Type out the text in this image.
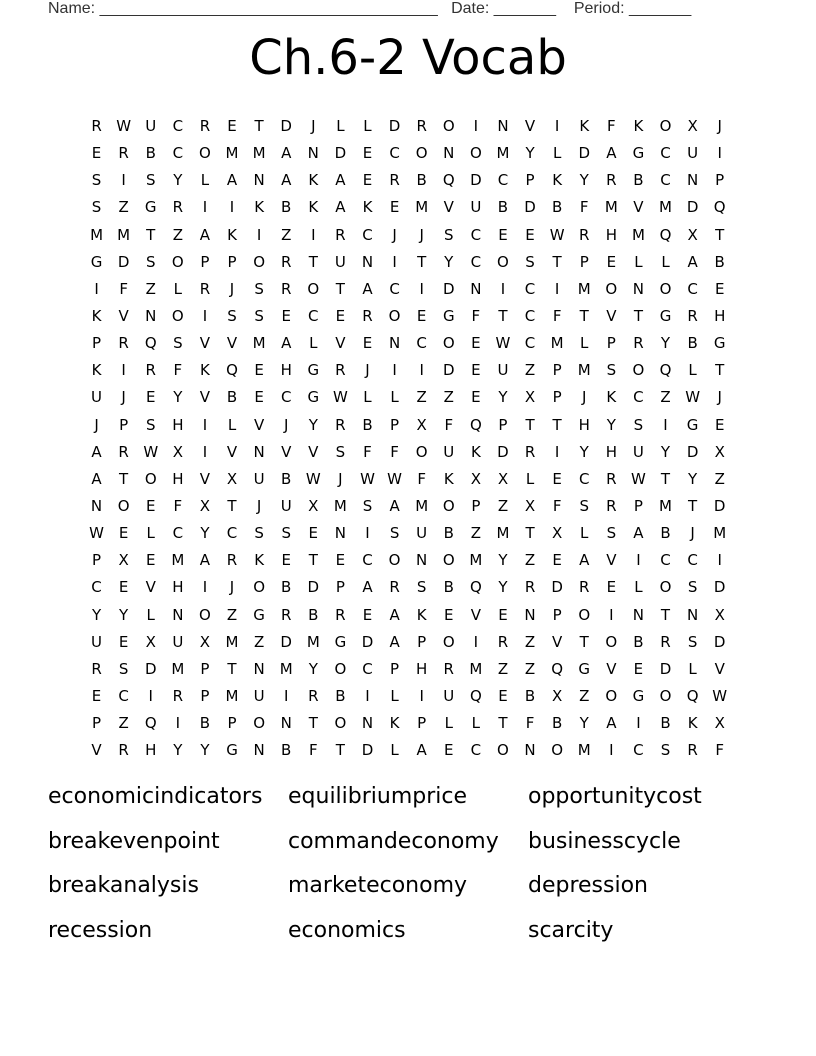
Name: ______________________________________ Date: _______ Period: _______
Ch.6-2 Vocab
R W U	C	R	E	T	D	J	L	L	D	R	O	I	N	V	I	K	F	K	O	X	J
E	R	B	C	O M M	A	N	D	E	C	O	N	O M	Y	L	D	A	G	C	U	I
S	I	S	Y	L	A	N	A	K	A	E	R	B	Q	D	C	P	K	Y	R	B	C	N	P
S	Z	G	R	I	I	K	B	K	A	K	E	M	V	U	B	D	B	F	M	V	M D	Q
M M	T	Z	A	K	I	Z	I	R	C	J	J	S	C	E	E W R	H M Q	X	T
G	D	S	O	P	P	O	R	T	U	N	I	T	Y	C	O	S	T	P	E	L	L	A	B
I	F	Z	L	R	J	S	R	O	T	A	C	I	D	N	I	C	I	M O	N	O	C	E
K	V	N	O	I	S	S	E	C	E	R	O	E	G	F	T	C	F	T	V	T	G	R	H
P	R	Q	S	V	V	M	A	L	V	E	N	C	O	E W C	M	L	P	R	Y	B	G
K	I	R	F	K	Q	E	H	G	R	J	I	I	D	E	U	Z	P	M	S	O	Q	L	T
U	J	E	Y	V	B	E	C	G W	L	L	Z	Z	E	Y	X	P	J	K	C	Z W	J
J	P	S	H	I	L	V	J	Y	R	B	P	X	F	Q	P	T	T	H	Y	S	I	G	E
A	R W X	I	V	N	V	V	S	F	F	O	U	K	D	R	I	Y	H	U	Y	D	X
A	T	O	H	V	X	U	B W	J	W W	F	K	X	X	L	E	C	R W	T	Y	Z
N	O	E	F	X	T	J	U	X	M	S	A	M O	P	Z	X	F	S	R	P	M	T	D
W E	L	C	Y	C	S	S	E	N	I	S	U	B	Z	M	T	X	L	S	A	B	J	M
P	X	E	M	A	R	K	E	T	E	C	O	N	O M	Y	Z	E	A	V	I	C	C	I
C	E	V	H	I	J	O	B	D	P	A	R	S	B	Q	Y	R	D	R	E	L	O	S	D
Y	Y	L	N	O	Z	G	R	B	R	E	A	K	E	V	E	N	P	O	I	N	T	N	X
U	E	X	U	X	M	Z	D M G	D	A	P	O	I	R	Z	V	T	O	B	R	S	D
R	S	D M	P	T	N	M	Y	O	C	P	H	R	M	Z	Z	Q	G	V	E	D	L	V
E	C	I	R	P	M	U	I	R	B	I	L	I	U	Q	E	B	X	Z	O	G	O	Q W
P	Z	Q	I	B	P	O	N	T	O	N	K	P	L	L	T	F	B	Y	A	I	B	K	X
V	R	H	Y	Y	G	N	B	F	T	D	L	A	E	C	O	N	O M	I	C	S	R	F
economicindicators	equilibriumprice	opportunitycost
breakevenpoint	commandeconomy	businesscycle
breakanalysis	marketeconomy	depression
recession	economics	scarcity
